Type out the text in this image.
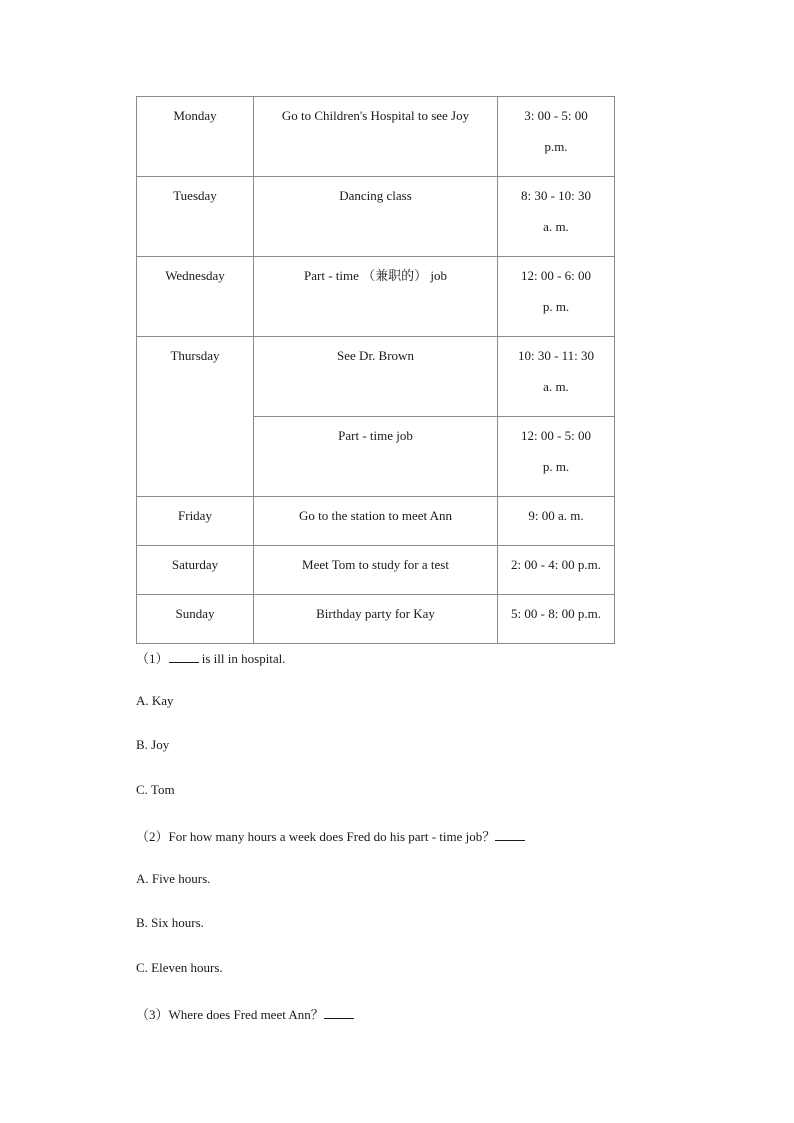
Monday	Go to Children's Hospital to see Joy	3: 00 - 5: 00
p.m.

Tuesday	Dancing class	8: 30 - 10: 30
a. m.

Wednesday	Part - time （兼职的） job	12: 00 - 6: 00
p. m.

Thursday	See Dr. Brown	10: 30 - 11: 30
a. m.

	Part - time job	12: 00 - 5: 00
p. m.

Friday	Go to the station to meet Ann	9: 00 a. m.

Saturday	Meet Tom to study for a test	2: 00 - 4: 00 p.m.

Sunday	Birthday party for Kay	5: 00 - 8: 00 p.m.
（1） is ill in hospital.
A. Kay
B. Joy
C. Tom
（2）For how many hours a week does Fred do his part - time job？
A. Five hours.
B. Six hours.
C. Eleven hours.
（3）Where does Fred meet Ann？
